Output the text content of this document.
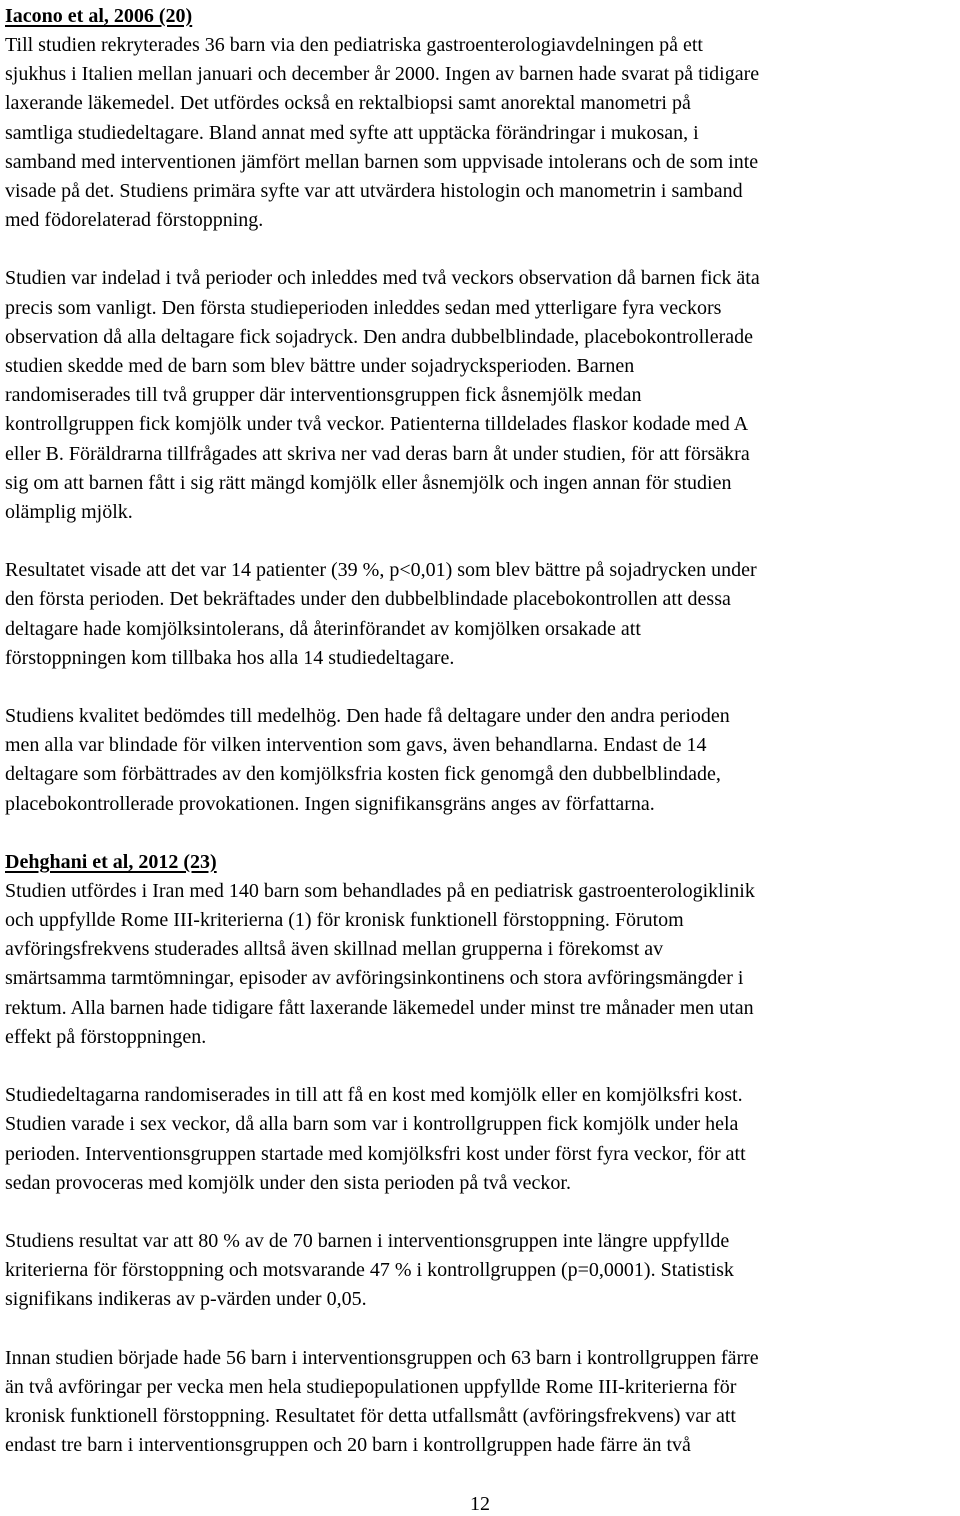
Iacono et al, 2006 (20)

Till studien rekryterades 36 barn via den pediatriska gastroenterologiavdelningen på ett
sjukhus i Italien mellan januari och december år 2000. Ingen av barnen hade svarat på tidigare
laxerande läkemedel. Det utfördes också en rektalbiopsi samt anorektal manometri på
samtliga studiedeltagare. Bland annat med syfte att upptäcka förändringar i mukosan, i
samband med interventionen jämfört mellan barnen som uppvisade intolerans och de som inte
visade på det. Studiens primära syfte var att utvärdera histologin och manometrin i samband
med födorelaterad förstoppning.

Studien var indelad i två perioder och inleddes med två veckors observation då barnen fick äta
precis som vanligt. Den första studieperioden inleddes sedan med ytterligare fyra veckors
observation då alla deltagare fick sojadryck. Den andra dubbelblindade, placebokontrollerade
studien skedde med de barn som blev bättre under sojadrycksperioden. Barnen
randomiserades till två grupper där interventionsgruppen fick åsnemjölk medan
kontrollgruppen fick komjölk under två veckor. Patienterna tilldelades flaskor kodade med A
eller B. Föräldrarna tillfrågades att skriva ner vad deras barn åt under studien, för att försäkra
sig om att barnen fått i sig rätt mängd komjölk eller åsnemjölk och ingen annan för studien
olämplig mjölk.

Resultatet visade att det var 14 patienter (39 %, p<0,01) som blev bättre på sojadrycken under
den första perioden. Det bekräftades under den dubbelblindade placebokontrollen att dessa
deltagare hade komjölksintolerans, då återinförandet av komjölken orsakade att
förstoppningen kom tillbaka hos alla 14 studiedeltagare.

Studiens kvalitet bedömdes till medelhög. Den hade få deltagare under den andra perioden
men alla var blindade för vilken intervention som gavs, även behandlarna. Endast de 14
deltagare som förbättrades av den komjölksfria kosten fick genomgå den dubbelblindade,
placebokontrollerade provokationen. Ingen signifikansgräns anges av författarna.

Dehghani et al, 2012 (23)

Studien utfördes i Iran med 140 barn som behandlades på en pediatrisk gastroenterologiklinik
och uppfyllde Rome III-kriterierna (1) för kronisk funktionell förstoppning. Förutom
avföringsfrekvens studerades alltså även skillnad mellan grupperna i förekomst av
smärtsamma tarmtömningar, episoder av avföringsinkontinens och stora avföringsmängder i
rektum. Alla barnen hade tidigare fått laxerande läkemedel under minst tre månader men utan
effekt på förstoppningen.

Studiedeltagarna randomiserades in till att få en kost med komjölk eller en komjölksfri kost.
Studien varade i sex veckor, då alla barn som var i kontrollgruppen fick komjölk under hela
perioden. Interventionsgruppen startade med komjölksfri kost under först fyra veckor, för att
sedan provoceras med komjölk under den sista perioden på två veckor.

Studiens resultat var att 80 % av de 70 barnen i interventionsgruppen inte längre uppfyllde
kriterierna för förstoppning och motsvarande 47 % i kontrollgruppen (p=0,0001). Statistisk
signifikans indikeras av p-värden under 0,05.

Innan studien började hade 56 barn i interventionsgruppen och 63 barn i kontrollgruppen färre
än två avföringar per vecka men hela studiepopulationen uppfyllde Rome III-kriterierna för
kronisk funktionell förstoppning. Resultatet för detta utfallsmått (avföringsfrekvens) var att
endast tre barn i interventionsgruppen och 20 barn i kontrollgruppen hade färre än två

12
